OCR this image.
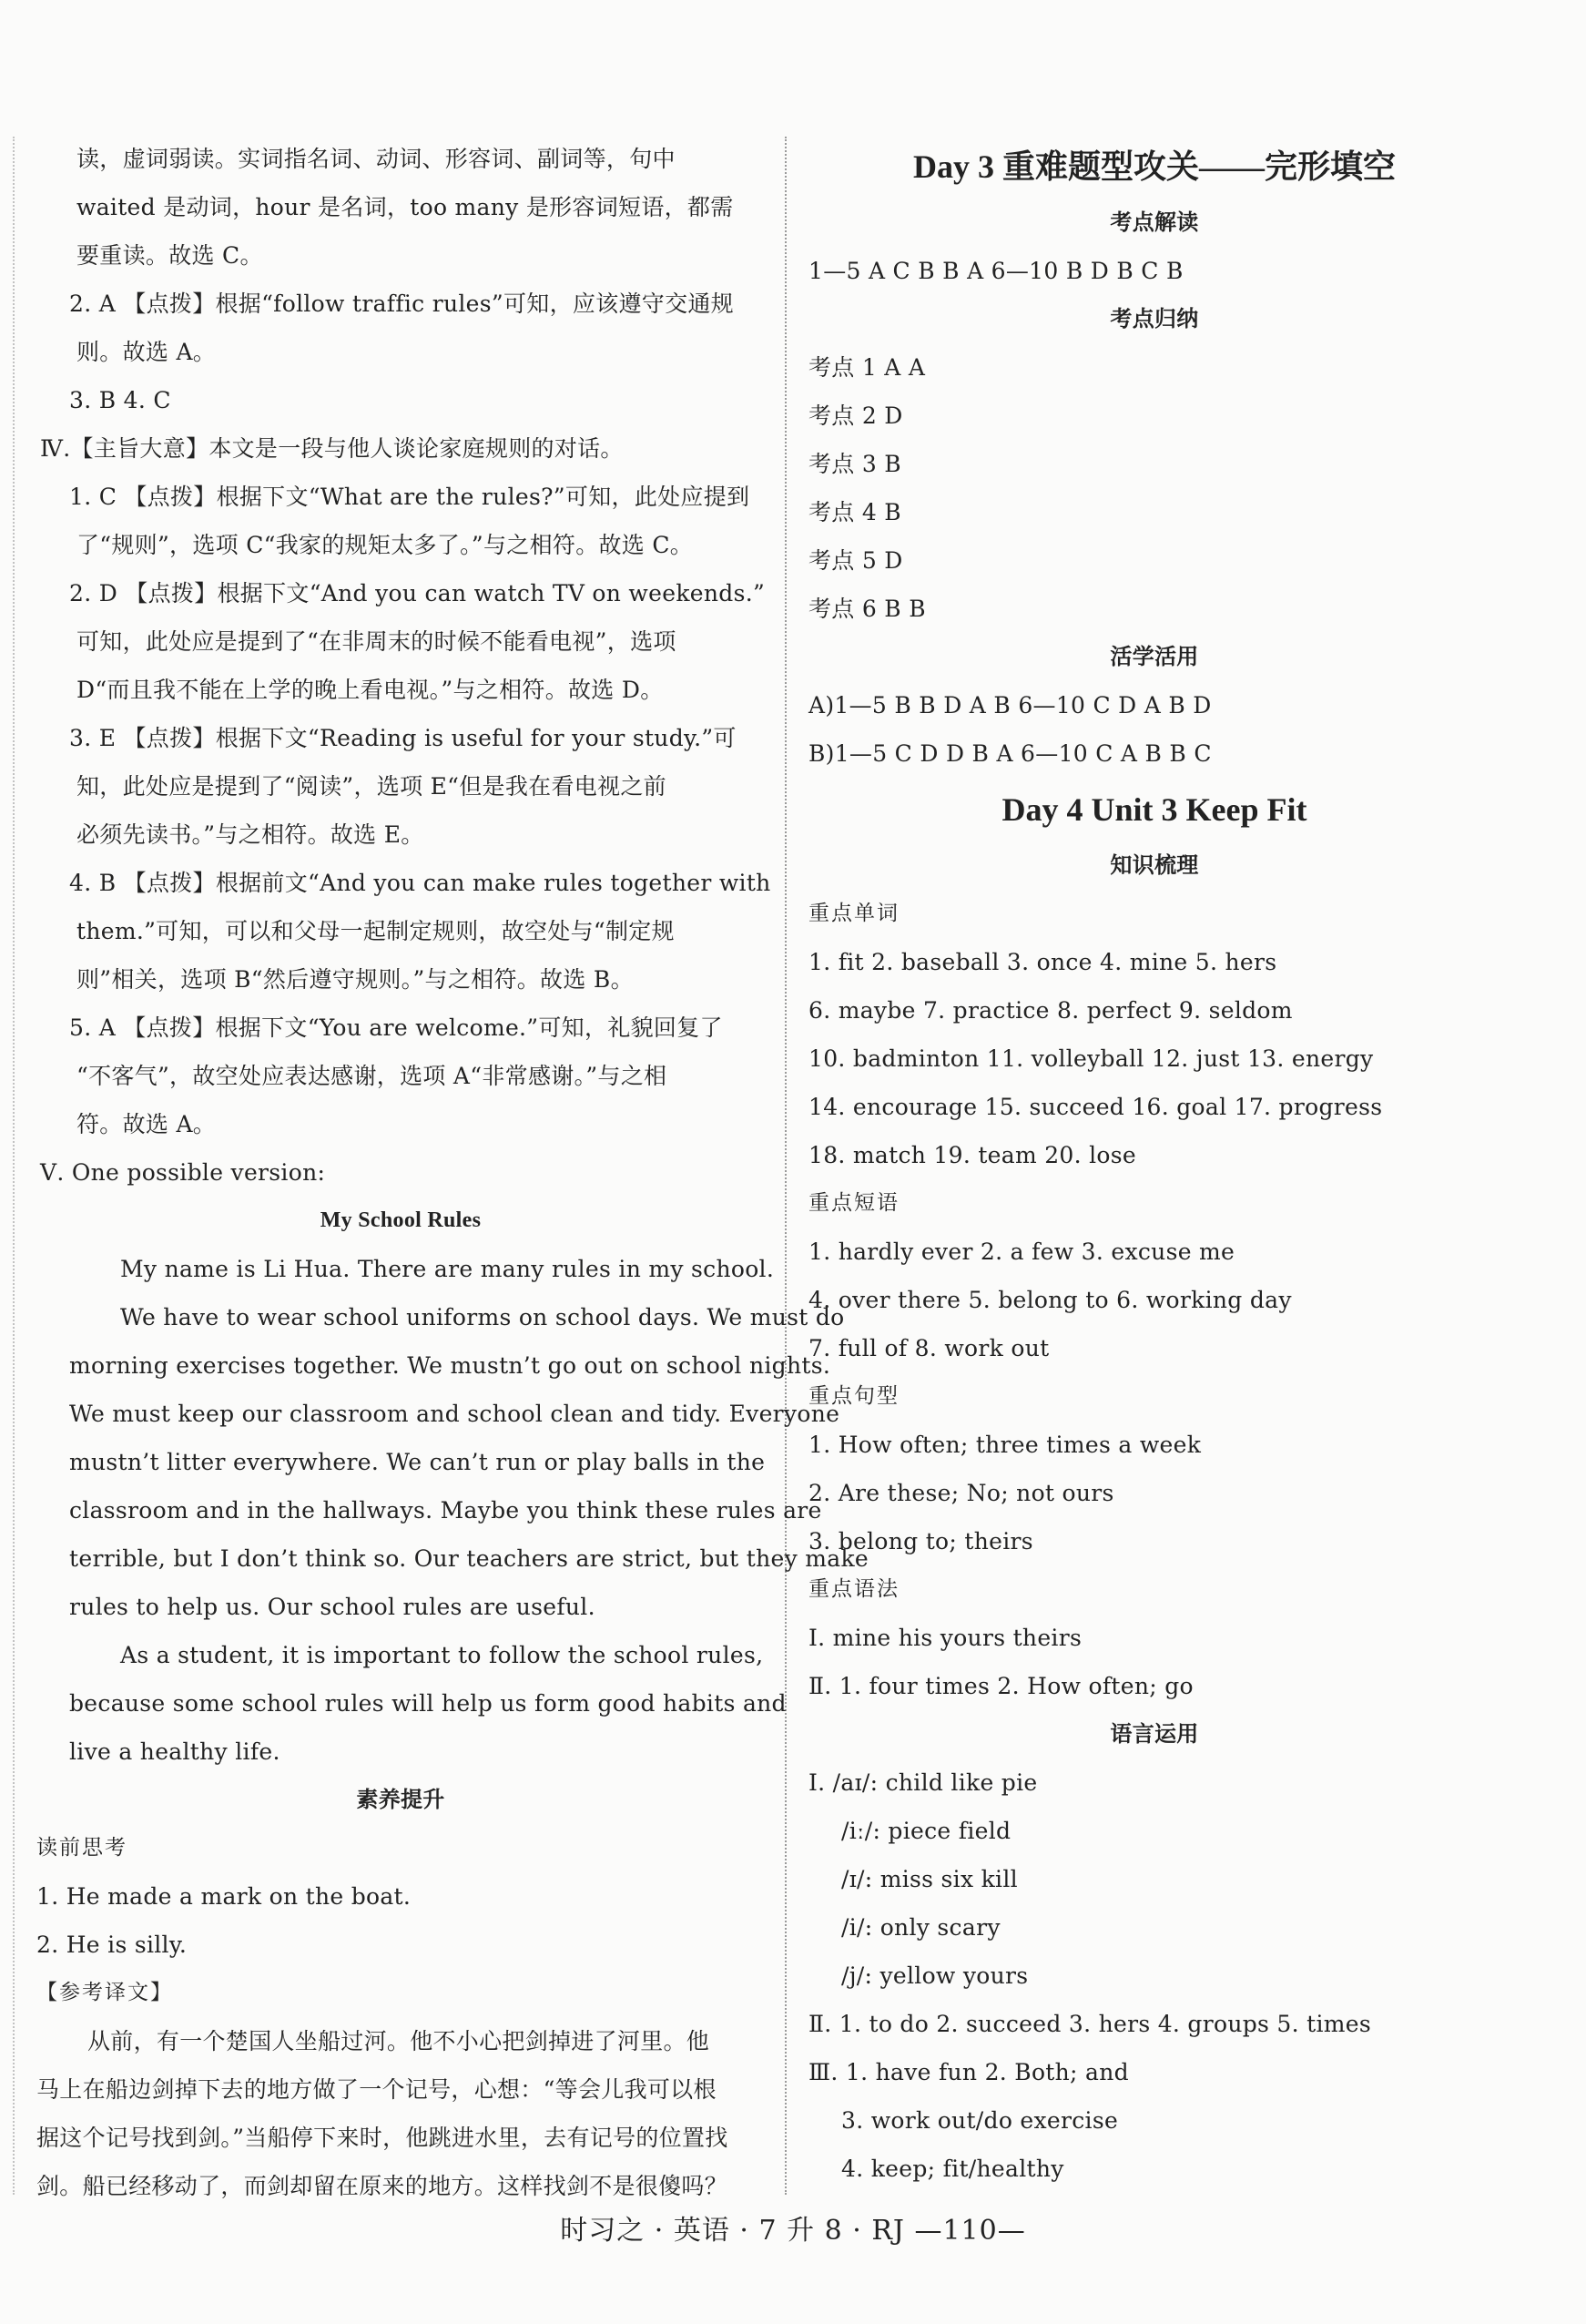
读，虚词弱读。实词指名词、动词、形容词、副词等，句中
waited 是动词，hour 是名词，too many 是形容词短语，都需
要重读。故选 C。
2. A 【点拨】根据“follow traffic rules”可知，应该遵守交通规
则。故选 A。
3. B 4. C
Ⅳ.【主旨大意】本文是一段与他人谈论家庭规则的对话。
1. C 【点拨】根据下文“What are the rules?”可知，此处应提到
了“规则”，选项 C“我家的规矩太多了。”与之相符。故选 C。
2. D 【点拨】根据下文“And you can watch TV on weekends.”
可知，此处应是提到了“在非周末的时候不能看电视”，选项
D“而且我不能在上学的晚上看电视。”与之相符。故选 D。
3. E 【点拨】根据下文“Reading is useful for your study.”可
知，此处应是提到了“阅读”，选项 E“但是我在看电视之前
必须先读书。”与之相符。故选 E。
4. B 【点拨】根据前文“And you can make rules together with
them.”可知，可以和父母一起制定规则，故空处与“制定规
则”相关，选项 B“然后遵守规则。”与之相符。故选 B。
5. A 【点拨】根据下文“You are welcome.”可知，礼貌回复了
“不客气”，故空处应表达感谢，选项 A“非常感谢。”与之相
符。故选 A。
Ⅴ. One possible version:
My School Rules
My name is Li Hua. There are many rules in my school.
We have to wear school uniforms on school days. We must do
morning exercises together. We mustn’t go out on school nights.
We must keep our classroom and school clean and tidy. Everyone
mustn’t litter everywhere. We can’t run or play balls in the
classroom and in the hallways. Maybe you think these rules are
terrible, but I don’t think so. Our teachers are strict, but they make
rules to help us. Our school rules are useful.
As a student, it is important to follow the school rules,
because some school rules will help us form good habits and
live a healthy life.
素养提升
读前思考
1. He made a mark on the boat.
2. He is silly.
【参考译文】
从前，有一个楚国人坐船过河。他不小心把剑掉进了河里。他
马上在船边剑掉下去的地方做了一个记号，心想：“等会儿我可以根
据这个记号找到剑。”当船停下来时，他跳进水里，去有记号的位置找
剑。船已经移动了，而剑却留在原来的地方。这样找剑不是很傻吗？
Day 3 重难题型攻关——完形填空
考点解读
1—5 A C B B A 6—10 B D B C B
考点归纳
考点 1 A A
考点 2 D
考点 3 B
考点 4 B
考点 5 D
考点 6 B B
活学活用
A)1—5 B B D A B 6—10 C D A B D
B)1—5 C D D B A 6—10 C A B B C
Day 4 Unit 3 Keep Fit
知识梳理
重点单词
1. fit 2. baseball 3. once 4. mine 5. hers
6. maybe 7. practice 8. perfect 9. seldom
10. badminton 11. volleyball 12. just 13. energy
14. encourage 15. succeed 16. goal 17. progress
18. match 19. team 20. lose
重点短语
1. hardly ever 2. a few 3. excuse me
4. over there 5. belong to 6. working day
7. full of 8. work out
重点句型
1. How often; three times a week
2. Are these; No; not ours
3. belong to; theirs
重点语法
Ⅰ. mine his yours theirs
Ⅱ. 1. four times 2. How often; go
语言运用
Ⅰ. /aɪ/: child like pie
/iː/: piece field
/ɪ/: miss six kill
/i/: only scary
/j/: yellow yours
Ⅱ. 1. to do 2. succeed 3. hers 4. groups 5. times
Ⅲ. 1. have fun 2. Both; and
3. work out/do exercise
4. keep; fit/healthy
时习之 · 英语 · 7 升 8 · RJ —110—
